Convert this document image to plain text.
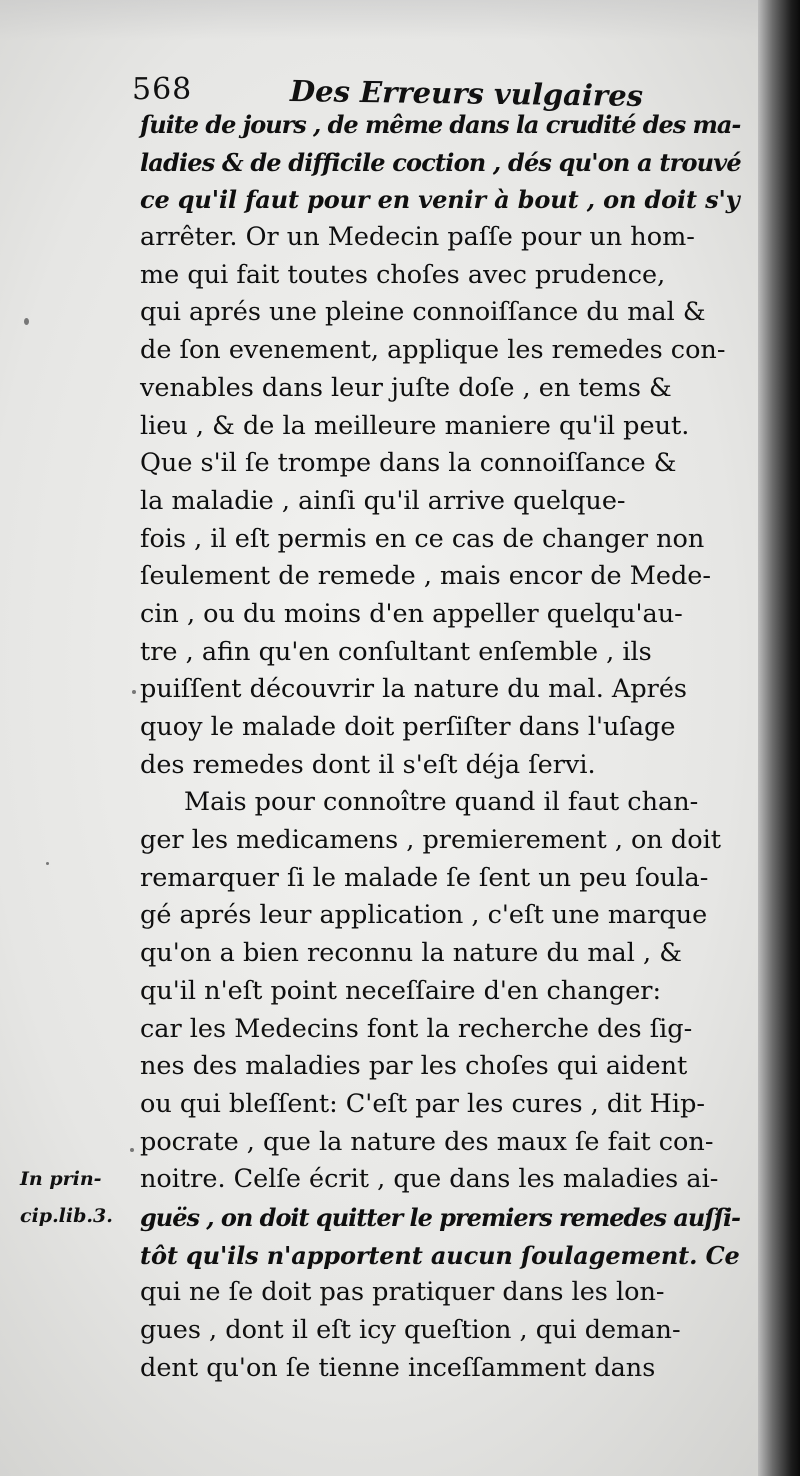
568	Des Erreurs vulgaires
ſuite de jours , de même dans la crudité des ma-
ladies & de difficile coction , dés qu'on a trouvé
ce qu'il faut pour en venir à bout , on doit s'y
arrêter. Or un Medecin paſſe pour un hom-
me qui fait toutes choſes avec prudence,
qui aprés une pleine connoiſſance du mal &
de ſon evenement, applique les remedes con-
venables dans leur juſte doſe , en tems &
lieu , & de la meilleure maniere qu'il peut.
Que s'il ſe trompe dans la connoiſſance &
la maladie , ainſi qu'il arrive quelque-
fois , il eſt permis en ce cas de changer non
ſeulement de remede , mais encor de Mede-
cin , ou du moins d'en appeller quelqu'au-
tre , afin qu'en conſultant enſemble , ils
puiſſent découvrir la nature du mal. Aprés
quoy le malade doit perſiſter dans l'uſage
des remedes dont il s'eſt déja ſervi.
Mais pour connoître quand il faut chan-
ger les medicamens , premierement , on doit
remarquer ſi le malade ſe ſent un peu ſoula-
gé aprés leur application , c'eſt une marque
qu'on a bien reconnu la nature du mal , &
qu'il n'eſt point neceſſaire d'en changer:
car les Medecins font la recherche des ſig-
nes des maladies par les choſes qui aident
ou qui bleſſent: C'eſt par les cures , dit Hip-
pocrate , que la nature des maux ſe fait con-
noitre. Celſe écrit , que dans les maladies ai-
guës , on doit quitter le premiers remedes auſſi-
tôt qu'ils n'apportent aucun ſoulagement. Ce
qui ne ſe doit pas pratiquer dans les lon-
gues , dont il eſt icy queſtion , qui deman-
dent qu'on ſe tienne inceſſamment dans
In prin-
cip.lib.3.
